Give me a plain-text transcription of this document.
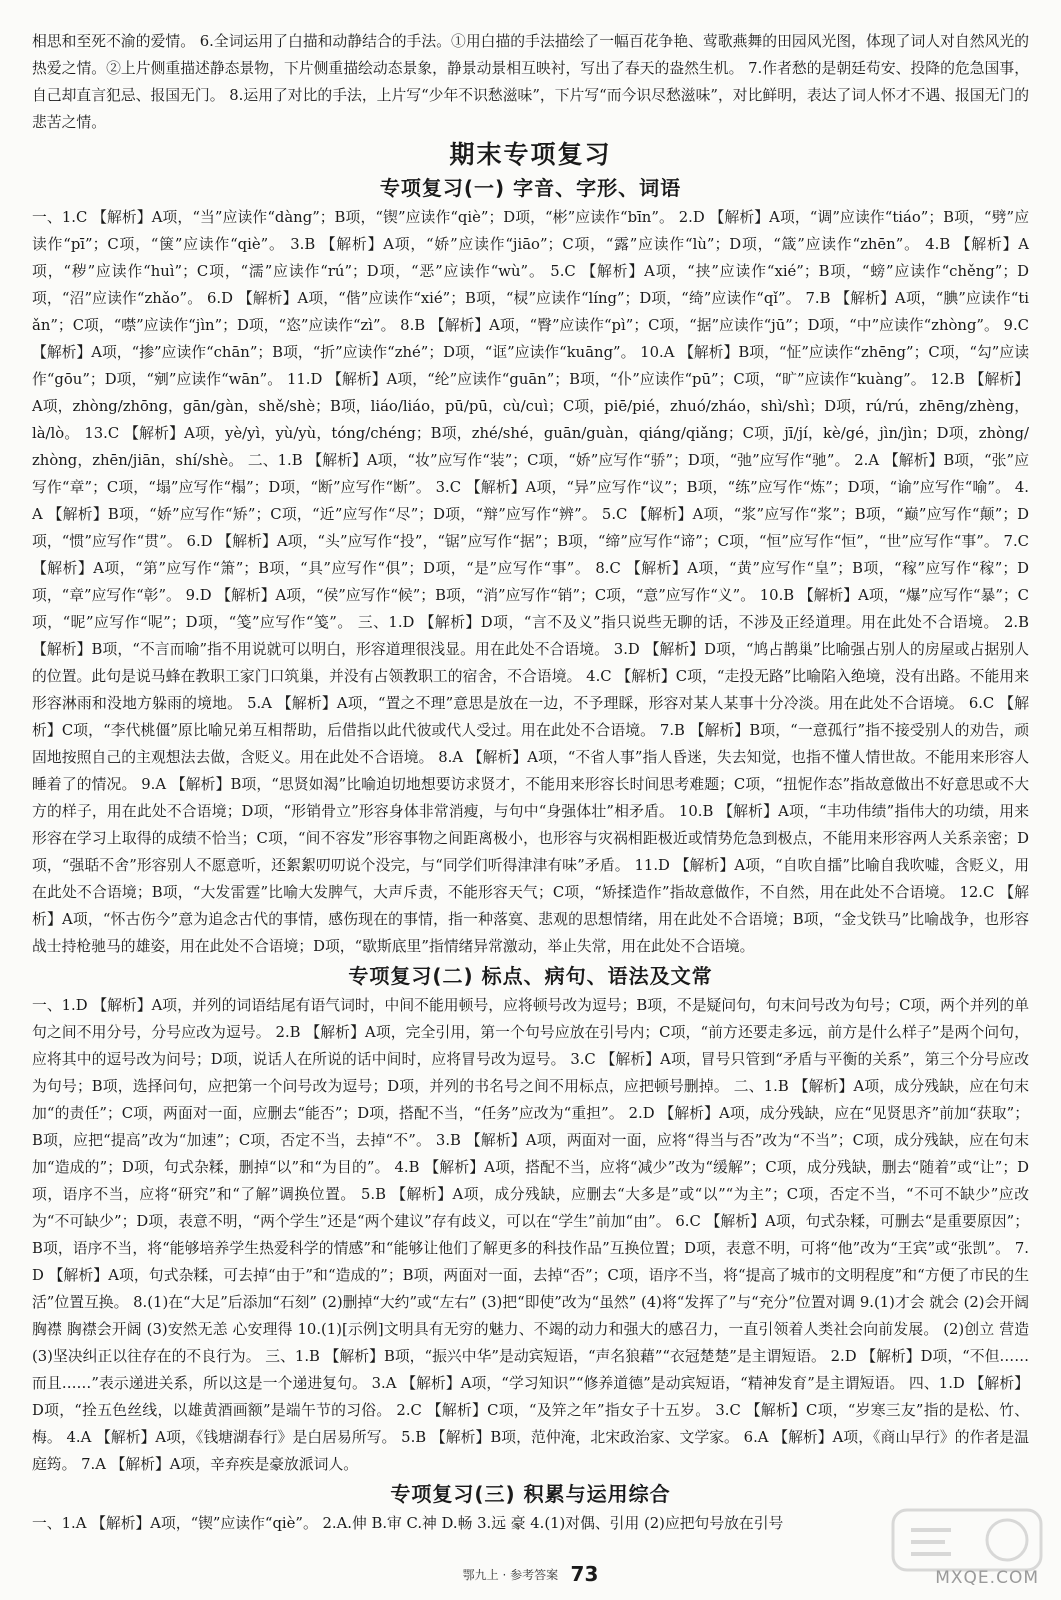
相思和至死不渝的爱情。 6.全词运用了白描和动静结合的手法。①用白描的手法描绘了一幅百花争艳、莺歌燕舞的田园风光图，体现了词人对自然风光的热爱之情。②上片侧重描述静态景物，下片侧重描绘动态景象，静景动景相互映衬，写出了春天的盎然生机。 7.作者愁的是朝廷苟安、投降的危急国事，自己却直言犯忌、报国无门。 8.运用了对比的手法，上片写“少年不识愁滋味”，下片写“而今识尽愁滋味”，对比鲜明，表达了词人怀才不遇、报国无门的悲苦之情。

期末专项复习
专项复习(一) 字音、字形、词语

一、1.C 【解析】A项，“当”应读作“dàng”；B项，“锲”应读作“qiè”；D项，“彬”应读作“bīn”。 2.D 【解析】A项，“调”应读作“tiáo”；B项，“劈”应读作“pī”；C项，“箧”应读作“qiè”。 3.B 【解析】A项，“娇”应读作“jiāo”；C项，“露”应读作“lù”；D项，“箴”应读作“zhēn”。 4.B 【解析】A项，“秽”应读作“huì”；C项，“濡”应读作“rú”；D项，“恶”应读作“wù”。 5.C 【解析】A项，“挟”应读作“xié”；B项，“螃”应读作“chěng”；D项，“沼”应读作“zhǎo”。 6.D 【解析】A项，“偕”应读作“xié”；B项，“棂”应读作“líng”；D项，“绮”应读作“qǐ”。 7.B 【解析】A项，“腆”应读作“tiǎn”；C项，“噤”应读作“jìn”；D项，“恣”应读作“zì”。 8.B 【解析】A项，“臀”应读作“pì”；C项，“据”应读作“jū”；D项，“中”应读作“zhòng”。 9.C 【解析】A项，“掺”应读作“chān”；B项，“折”应读作“zhé”；D项，“诓”应读作“kuāng”。 10.A 【解析】B项，“怔”应读作“zhēng”；C项，“勾”应读作“gōu”；D项，“剜”应读作“wān”。 11.D 【解析】A项，“纶”应读作“guān”；B项，“仆”应读作“pū”；C项，“旷”应读作“kuàng”。 12.B 【解析】A项，zhòng/zhōng，gān/gàn，shě/shè；B项，liáo/liáo，pū/pū，cù/cuì；C项，piē/pié，zhuó/zháo，shì/shì；D项，rú/rú，zhēng/zhèng，là/lò。 13.C 【解析】A项，yè/yì，yù/yù，tóng/chéng；B项，zhé/shé，guān/guàn，qiáng/qiǎng；C项，jī/jí，kè/gé，jìn/jìn；D项，zhòng/zhòng，zhēn/jiān，shí/shè。 二、1.B 【解析】A项，“妆”应写作“装”；C项，“娇”应写作“骄”；D项，“弛”应写作“驰”。 2.A 【解析】B项，“张”应写作“章”；C项，“塌”应写作“榻”；D项，“断”应写作“断”。 3.C 【解析】A项，“异”应写作“议”；B项，“练”应写作“炼”；D项，“谕”应写作“喻”。 4.A 【解析】B项，“娇”应写作“矫”；C项，“近”应写作“尽”；D项，“辩”应写作“辨”。 5.C 【解析】A项，“浆”应写作“浆”；B项，“巅”应写作“颠”；D项，“惯”应写作“贯”。 6.D 【解析】A项，“头”应写作“投”，“锯”应写作“据”；B项，“缔”应写作“谛”；C项，“恒”应写作“恒”，“世”应写作“事”。 7.C 【解析】A项，“第”应写作“箫”；B项，“具”应写作“俱”；D项，“是”应写作“事”。 8.C 【解析】A项，“黄”应写作“皇”；B项，“稼”应写作“稼”；D项，“章”应写作“彰”。 9.D 【解析】A项，“侯”应写作“候”；B项，“消”应写作“销”；C项，“意”应写作“义”。 10.B 【解析】A项，“爆”应写作“暴”；C项，“昵”应写作“呢”；D项，“笺”应写作“笺”。 三、1.D 【解析】D项，“言不及义”指只说些无聊的话，不涉及正经道理。用在此处不合语境。 2.B 【解析】B项，“不言而喻”指不用说就可以明白，形容道理很浅显。用在此处不合语境。 3.D 【解析】D项，“鸠占鹊巢”比喻强占别人的房屋或占据别人的位置。此句是说马蜂在教职工家门口筑巢，并没有占领教职工的宿舍，不合语境。 4.C 【解析】C项，“走投无路”比喻陷入绝境，没有出路。不能用来形容淋雨和没地方躲雨的境地。 5.A 【解析】A项，“置之不理”意思是放在一边，不予理睬，形容对某人某事十分冷淡。用在此处不合语境。 6.C 【解析】C项，“李代桃僵”原比喻兄弟互相帮助，后借指以此代彼或代人受过。用在此处不合语境。 7.B 【解析】B项，“一意孤行”指不接受别人的劝告，顽固地按照自己的主观想法去做，含贬义。用在此处不合语境。 8.A 【解析】A项，“不省人事”指人昏迷，失去知觉，也指不懂人情世故。不能用来形容人睡着了的情况。 9.A 【解析】B项，“思贤如渴”比喻迫切地想要访求贤才，不能用来形容长时间思考难题；C项，“扭怩作态”指故意做出不好意思或不大方的样子，用在此处不合语境；D项，“形销骨立”形容身体非常消瘦，与句中“身强体壮”相矛盾。 10.B 【解析】A项，“丰功伟绩”指伟大的功绩，用来形容在学习上取得的成绩不恰当；C项，“间不容发”形容事物之间距离极小，也形容与灾祸相距极近或情势危急到极点，不能用来形容两人关系亲密；D项，“强聒不舍”形容别人不愿意听，还絮絮叨叨说个没完，与“同学们听得津津有味”矛盾。 11.D 【解析】A项，“自吹自擂”比喻自我吹嘘，含贬义，用在此处不合语境；B项，“大发雷霆”比喻大发脾气，大声斥责，不能形容天气；C项，“矫揉造作”指故意做作，不自然，用在此处不合语境。 12.C 【解析】A项，“怀古伤今”意为追念古代的事情，感伤现在的事情，指一种落寞、悲观的思想情绪，用在此处不合语境；B项，“金戈铁马”比喻战争，也形容战士持枪驰马的雄姿，用在此处不合语境；D项，“歇斯底里”指情绪异常激动，举止失常，用在此处不合语境。

专项复习(二) 标点、病句、语法及文常

一、1.D 【解析】A项，并列的词语结尾有语气词时，中间不能用顿号，应将顿号改为逗号；B项，不是疑问句，句末问号改为句号；C项，两个并列的单句之间不用分号，分号应改为逗号。 2.B 【解析】A项，完全引用，第一个句号应放在引号内；C项，“前方还要走多远，前方是什么样子”是两个问句，应将其中的逗号改为问号；D项，说话人在所说的话中间时，应将冒号改为逗号。 3.C 【解析】A项，冒号只管到“矛盾与平衡的关系”，第三个分号应改为句号；B项，选择问句，应把第一个问号改为逗号；D项，并列的书名号之间不用标点，应把顿号删掉。 二、1.B 【解析】A项，成分残缺，应在句末加“的责任”；C项，两面对一面，应删去“能否”；D项，搭配不当，“任务”应改为“重担”。 2.D 【解析】A项，成分残缺，应在“见贤思齐”前加“获取”；B项，应把“提高”改为“加速”；C项，否定不当，去掉“不”。 3.B 【解析】A项，两面对一面，应将“得当与否”改为“不当”；C项，成分残缺，应在句末加“造成的”；D项，句式杂糅，删掉“以”和“为目的”。 4.B 【解析】A项，搭配不当，应将“减少”改为“缓解”；C项，成分残缺，删去“随着”或“让”；D项，语序不当，应将“研究”和“了解”调换位置。 5.B 【解析】A项，成分残缺，应删去“大多是”或“以”“为主”；C项，否定不当，“不可不缺少”应改为“不可缺少”；D项，表意不明，“两个学生”还是“两个建议”存有歧义，可以在“学生”前加“由”。 6.C 【解析】A项，句式杂糅，可删去“是重要原因”；B项，语序不当，将“能够培养学生热爱科学的情感”和“能够让他们了解更多的科技作品”互换位置；D项，表意不明，可将“他”改为“王宾”或“张凯”。 7.D 【解析】A项，句式杂糅，可去掉“由于”和“造成的”；B项，两面对一面，去掉“否”；C项，语序不当，将“提高了城市的文明程度”和“方便了市民的生活”位置互换。 8.(1)在“大足”后添加“石刻” (2)删掉“大约”或“左右” (3)把“即使”改为“虽然” (4)将“发挥了”与“充分”位置对调 9.(1)才会 就会 (2)会开阔胸襟 胸襟会开阔 (3)安然无恙 心安理得 10.(1)[示例]文明具有无穷的魅力、不竭的动力和强大的感召力，一直引领着人类社会向前发展。 (2)创立 营造 (3)坚决纠正以往存在的不良行为。 三、1.B 【解析】B项，“振兴中华”是动宾短语，“声名狼藉”“衣冠楚楚”是主谓短语。 2.D 【解析】D项，“不但……而且……”表示递进关系，所以这是一个递进复句。 3.A 【解析】A项，“学习知识”“修养道德”是动宾短语，“精神发育”是主谓短语。 四、1.D 【解析】D项，“拴五色丝线，以雄黄酒画额”是端午节的习俗。 2.C 【解析】C项，“及笄之年”指女子十五岁。 3.C 【解析】C项，“岁寒三友”指的是松、竹、梅。 4.A 【解析】A项，《钱塘湖春行》是白居易所写。 5.B 【解析】B项，范仲淹，北宋政治家、文学家。 6.A 【解析】A项，《商山早行》的作者是温庭筠。 7.A 【解析】A项，辛弃疾是豪放派词人。

专项复习(三) 积累与运用综合

一、1.A 【解析】A项，“锲”应读作“qiè”。 2.A.伸 B.审 C.神 D.畅 3.远 豪 4.(1)对偶、引用 (2)应把句号放在引号

鄂九上 · 参考答案 73	MXQE.COM
